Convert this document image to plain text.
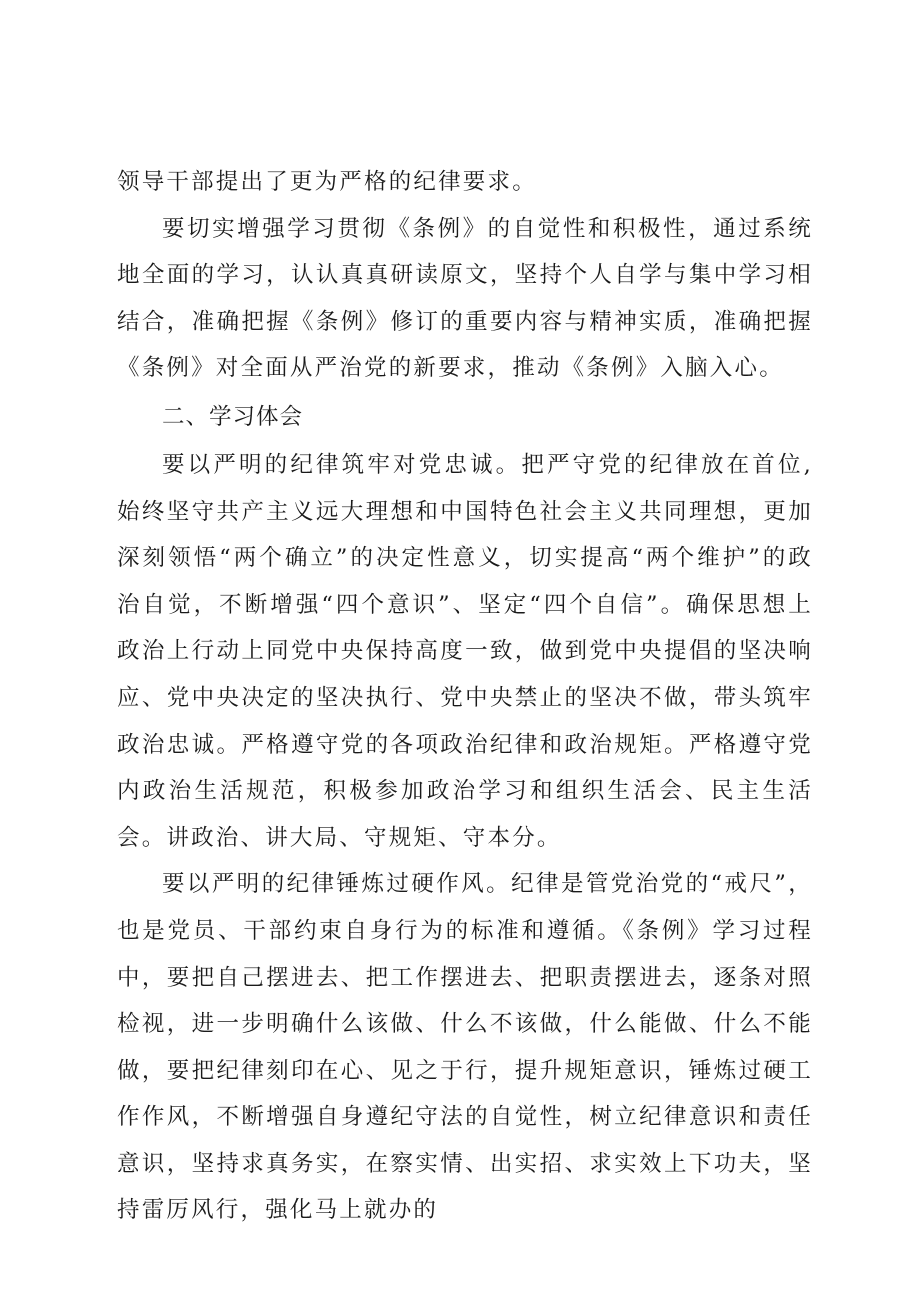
领导干部提出了更为严格的纪律要求。

要切实增强学习贯彻《条例》的自觉性和积极性，通过系统地全面的学习，认认真真研读原文，坚持个人自学与集中学习相结合，准确把握《条例》修订的重要内容与精神实质，准确把握《条例》对全面从严治党的新要求，推动《条例》入脑入心。

二、学习体会

要以严明的纪律筑牢对党忠诚。把严守党的纪律放在首位,始终坚守共产主义远大理想和中国特色社会主义共同理想，更加深刻领悟“两个确立”的决定性意义，切实提高“两个维护”的政治自觉，不断增强“四个意识”、坚定“四个自信”。确保思想上政治上行动上同党中央保持高度一致，做到党中央提倡的坚决响应、党中央决定的坚决执行、党中央禁止的坚决不做，带头筑牢政治忠诚。严格遵守党的各项政治纪律和政治规矩。严格遵守党内政治生活规范，积极参加政治学习和组织生活会、民主生活会。讲政治、讲大局、守规矩、守本分。

要以严明的纪律锤炼过硬作风。纪律是管党治党的“戒尺”，也是党员、干部约束自身行为的标准和遵循。《条例》学习过程中，要把自己摆进去、把工作摆进去、把职责摆进去，逐条对照检视，进一步明确什么该做、什么不该做，什么能做、什么不能做，要把纪律刻印在心、见之于行，提升规矩意识，锤炼过硬工作作风，不断增强自身遵纪守法的自觉性，树立纪律意识和责任意识，坚持求真务实，在察实情、出实招、求实效上下功夫，坚持雷厉风行，强化马上就办的
